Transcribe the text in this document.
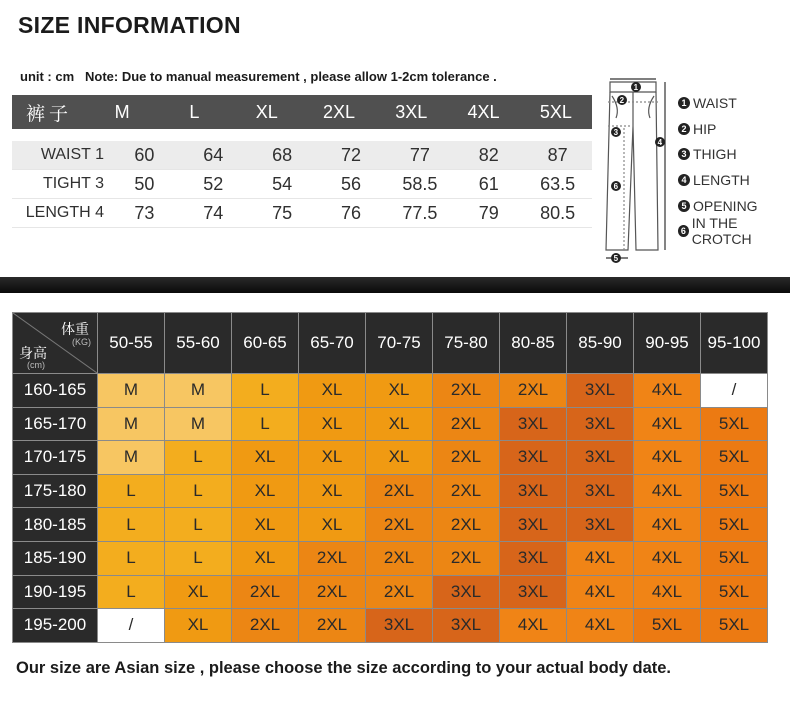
SIZE INFORMATION
unit : cm   Note: Due to manual measurement , please allow 1-2cm tolerance .
裤子	M	L	XL	2XL	3XL	4XL	5XL
WAIST 1	60	64	68	72	77	82	87
TIGHT 3	50	52	54	56	58.5	61	63.5
LENGTH 4	73	74	75	76	77.5	79	80.5
1
2
3
4
5
6
1 WAIST
2 HIP
3 THIGH
4 LENGTH
5 OPENING
6 IN THE CROTCH
体重
(KG)
身高
(cm)	50-55	55-60	60-65	65-70	70-75	75-80	80-85	85-90	90-95	95-100
160-165	M	M	L	XL	XL	2XL	2XL	3XL	4XL	/
165-170	M	M	L	XL	XL	2XL	3XL	3XL	4XL	5XL
170-175	M	L	XL	XL	XL	2XL	3XL	3XL	4XL	5XL
175-180	L	L	XL	XL	2XL	2XL	3XL	3XL	4XL	5XL
180-185	L	L	XL	XL	2XL	2XL	3XL	3XL	4XL	5XL
185-190	L	L	XL	2XL	2XL	2XL	3XL	4XL	4XL	5XL
190-195	L	XL	2XL	2XL	2XL	3XL	3XL	4XL	4XL	5XL
195-200	/	XL	2XL	2XL	3XL	3XL	4XL	4XL	5XL	5XL
Our size are Asian size , please choose the size according to your actual body date.
